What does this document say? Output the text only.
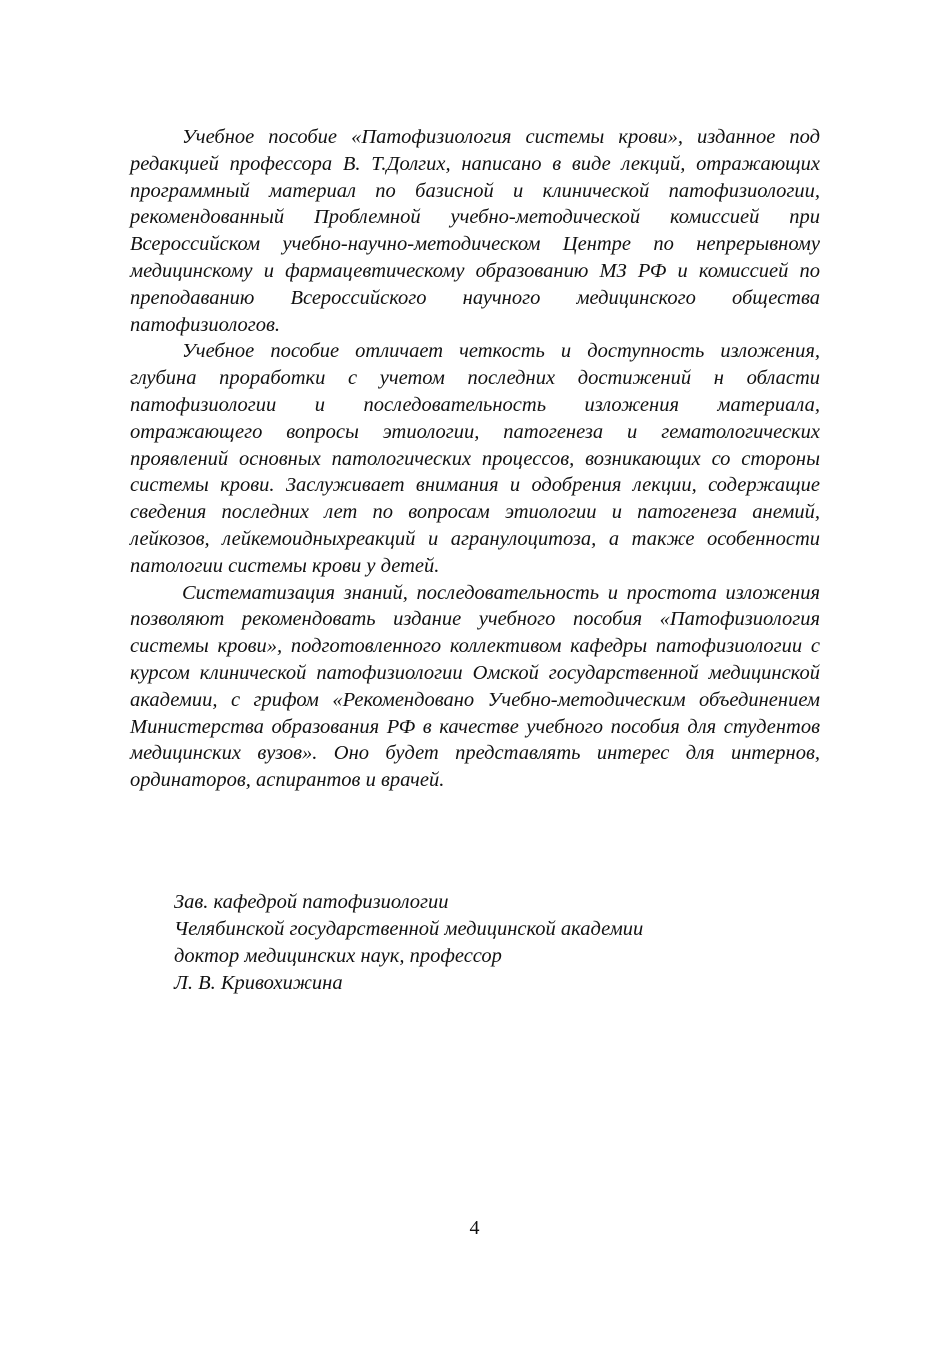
Учебное пособие «Патофизиология системы крови», изданное под редакцией профессора В. Т.Долгих, написано в виде лекций, отражающих программный материал по базисной и клинической патофизиологии, рекомендованный Проблемной учебно-методической комиссией при Всероссийском учебно-научно-методическом Центре по непрерывному медицинскому и фармацевтическому образованию МЗ РФ и комиссией по преподаванию Всероссийского научного медицинского общества патофизиологов.

Учебное пособие отличает четкость и доступность изложения, глубина проработки с учетом последних достижений н области патофизиологии и последовательность изложения материала, отражающего вопросы этиологии, патогенеза и гематологических проявлений основных патологических процессов, возникающих со стороны системы крови. Заслуживает внимания и одобрения лекции, содержащие сведения последних лет по вопросам этиологии и патогенеза анемий, лейкозов, лейкемоидныхреакций и агранулоцитоза, а также особенности патологии системы крови у детей.

Систематизация знаний, последовательность и простота изложения позволяют рекомендовать издание учебного пособия «Патофизиология системы крови», подготовленного коллективом кафедры патофизиологии с курсом клинической патофизиологии Омской государственной медицинской академии, с грифом «Рекомендовано Учебно-методическим объединением Министерства образования РФ в качестве учебного пособия для студентов медицинских вузов». Оно будет представлять интерес для интернов, ординаторов, аспирантов и врачей.

Зав. кафедрой патофизиологии
Челябинской государственной медицинской академии
доктор медицинских наук, профессор
Л. В. Кривохижина
4
